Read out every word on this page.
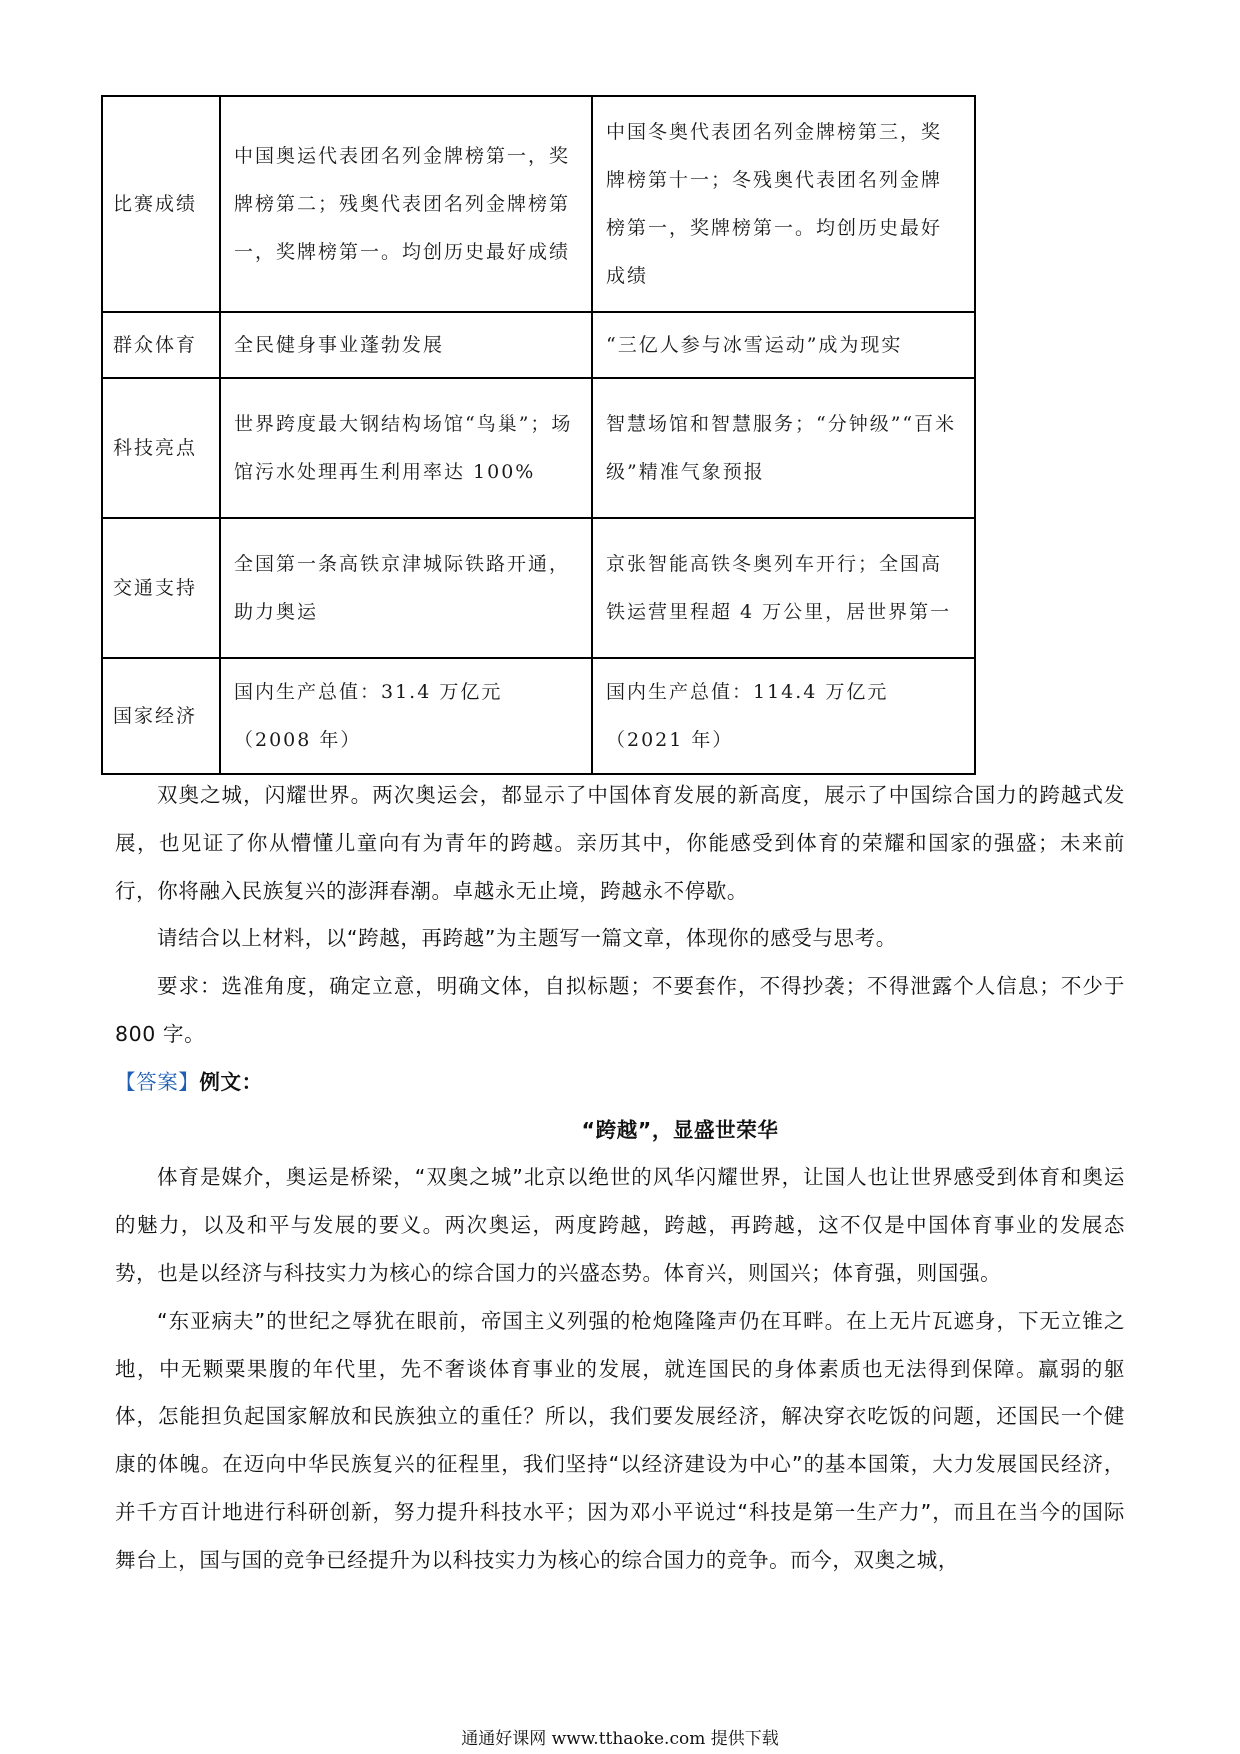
比赛成绩	中国奥运代表团名列金牌榜第一，奖牌榜第二；残奥代表团名列金牌榜第一，奖牌榜第一。均创历史最好成绩	中国冬奥代表团名列金牌榜第三，奖牌榜第十一；冬残奥代表团名列金牌榜第一，奖牌榜第一。均创历史最好成绩
群众体育	全民健身事业蓬勃发展	“三亿人参与冰雪运动”成为现实
科技亮点	世界跨度最大钢结构场馆“鸟巢”；场馆污水处理再生利用率达 100%	智慧场馆和智慧服务；“分钟级”“百米级”精准气象预报
交通支持	全国第一条高铁京津城际铁路开通，助力奥运	京张智能高铁冬奥列车开行；全国高铁运营里程超 4 万公里，居世界第一
国家经济	国内生产总值：31.4 万亿元（2008 年）	国内生产总值：114.4 万亿元（2021 年）

双奥之城，闪耀世界。两次奥运会，都显示了中国体育发展的新高度，展示了中国综合国力的跨越式发展，也见证了你从懵懂儿童向有为青年的跨越。亲历其中，你能感受到体育的荣耀和国家的强盛；未来前行，你将融入民族复兴的澎湃春潮。卓越永无止境，跨越永不停歇。

请结合以上材料，以“跨越，再跨越”为主题写一篇文章，体现你的感受与思考。

要求：选准角度，确定立意，明确文体，自拟标题；不要套作，不得抄袭；不得泄露个人信息；不少于 800 字。

【答案】例文：

“跨越”，显盛世荣华

体育是媒介，奥运是桥梁，“双奥之城”北京以绝世的风华闪耀世界，让国人也让世界感受到体育和奥运的魅力，以及和平与发展的要义。两次奥运，两度跨越，跨越，再跨越，这不仅是中国体育事业的发展态势，也是以经济与科技实力为核心的综合国力的兴盛态势。体育兴，则国兴；体育强，则国强。

“东亚病夫”的世纪之辱犹在眼前，帝国主义列强的枪炮隆隆声仍在耳畔。在上无片瓦遮身，下无立锥之地，中无颗粟果腹的年代里，先不奢谈体育事业的发展，就连国民的身体素质也无法得到保障。羸弱的躯体，怎能担负起国家解放和民族独立的重任？所以，我们要发展经济，解决穿衣吃饭的问题，还国民一个健康的体魄。在迈向中华民族复兴的征程里，我们坚持“以经济建设为中心”的基本国策，大力发展国民经济，并千方百计地进行科研创新，努力提升科技水平；因为邓小平说过“科技是第一生产力”，而且在当今的国际舞台上，国与国的竞争已经提升为以科技实力为核心的综合国力的竞争。而今，双奥之城，

通通好课网 www.tthaoke.com 提供下载
